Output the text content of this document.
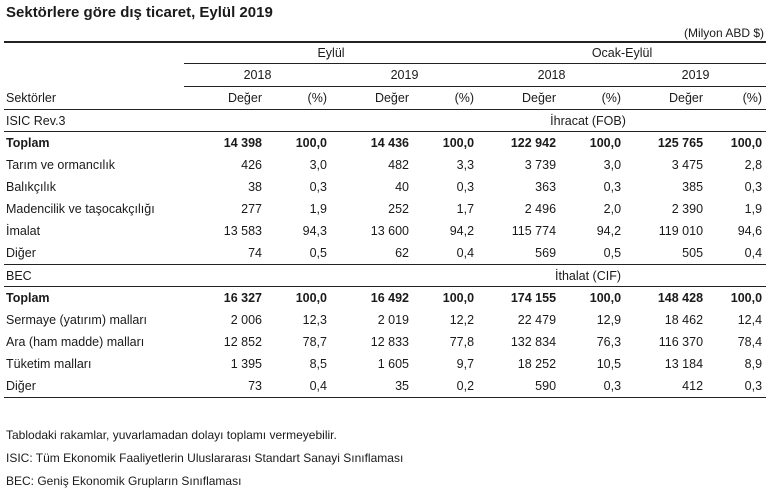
Sektörlere göre dış ticaret, Eylül 2019
(Milyon ABD $)
	Eylül				Ocak-Eylül			
	2018		2019		2018		2019	
Sektörler	Değer	(%)	Değer	(%)	Değer	(%)	Değer	(%)
ISIC Rev.3	İhracat (FOB)							
Toplam	14 398	100,0	14 436	100,0	122 942	100,0	125 765	100,0
Tarım ve ormancılık	426	3,0	482	3,3	3 739	3,0	3 475	2,8
Balıkçılık	38	0,3	40	0,3	363	0,3	385	0,3
Madencilik ve taşocakçılığı	277	1,9	252	1,7	2 496	2,0	2 390	1,9
İmalat	13 583	94,3	13 600	94,2	115 774	94,2	119 010	94,6
Diğer	74	0,5	62	0,4	569	0,5	505	0,4
BEC	İthalat (CIF)							
Toplam	16 327	100,0	16 492	100,0	174 155	100,0	148 428	100,0
Sermaye (yatırım) malları	2 006	12,3	2 019	12,2	22 479	12,9	18 462	12,4
Ara (ham madde) malları	12 852	78,7	12 833	77,8	132 834	76,3	116 370	78,4
Tüketim malları	1 395	8,5	1 605	9,7	18 252	10,5	13 184	8,9
Diğer	73	0,4	35	0,2	590	0,3	412	0,3
Tablodaki rakamlar, yuvarlamadan dolayı toplamı vermeyebilir.
ISIC: Tüm Ekonomik Faaliyetlerin Uluslararası Standart Sanayi Sınıflaması
BEC: Geniş Ekonomik Grupların Sınıflaması
